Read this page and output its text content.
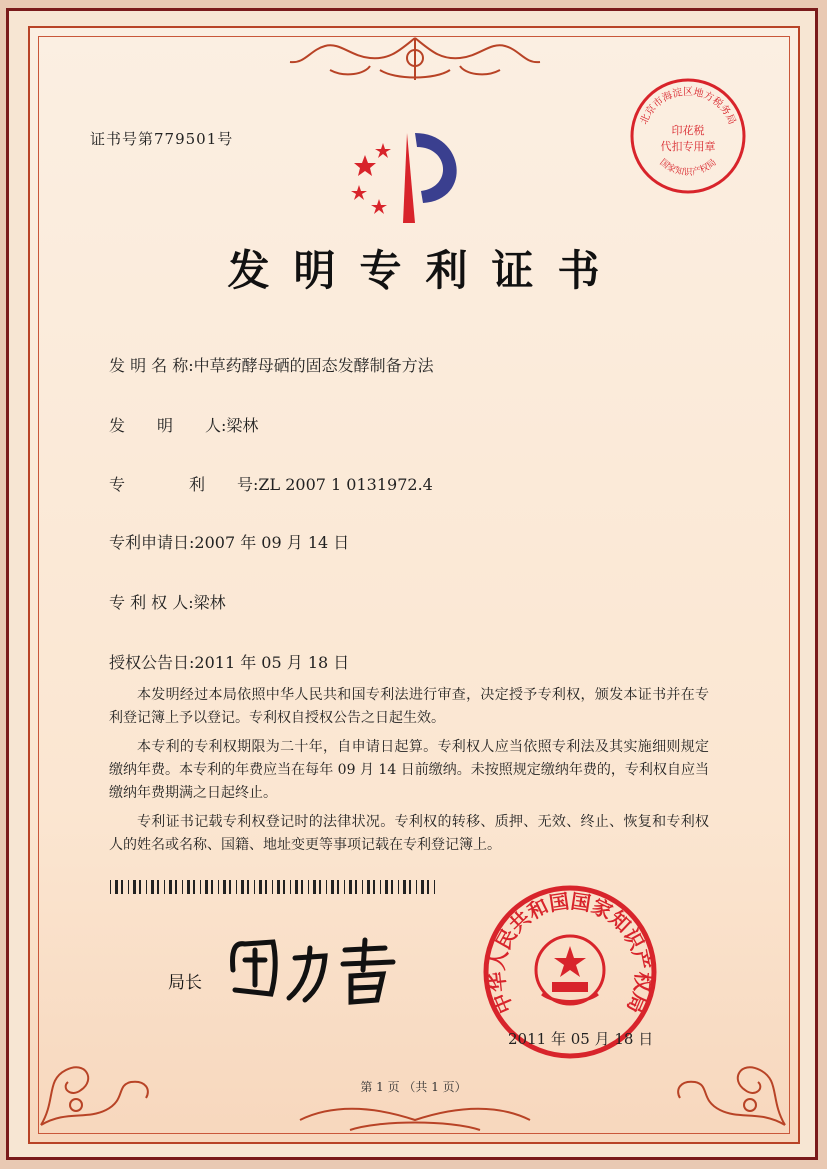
证书号第779501号
发明专利证书
发 明 名 称:中草药酵母硒的固态发酵制备方法
发　　明　　人:梁林
专　　　　利　　号:ZL 2007 1 0131972.4
专利申请日:2007 年 09 月 14 日
专 利 权 人:梁林
授权公告日:2011 年 05 月 18 日

本发明经过本局依照中华人民共和国专利法进行审查，决定授予专利权，颁发本证书并在专利登记簿上予以登记。专利权自授权公告之日起生效。

本专利的专利权期限为二十年，自申请日起算。专利权人应当依照专利法及其实施细则规定缴纳年费。本专利的年费应当在每年 09 月 14 日前缴纳。未按照规定缴纳年费的，专利权自应当缴纳年费期满之日起终止。

专利证书记载专利权登记时的法律状况。专利权的转移、质押、无效、终止、恢复和专利权人的姓名或名称、国籍、地址变更等事项记载在专利登记簿上。

局长
中华人民共和国国家知识产权局
北京市海淀区地方税务局
印花税
代扣专用章
国家知识产权局
2011 年 05 月 18 日
第 1 页 （共 1 页）
